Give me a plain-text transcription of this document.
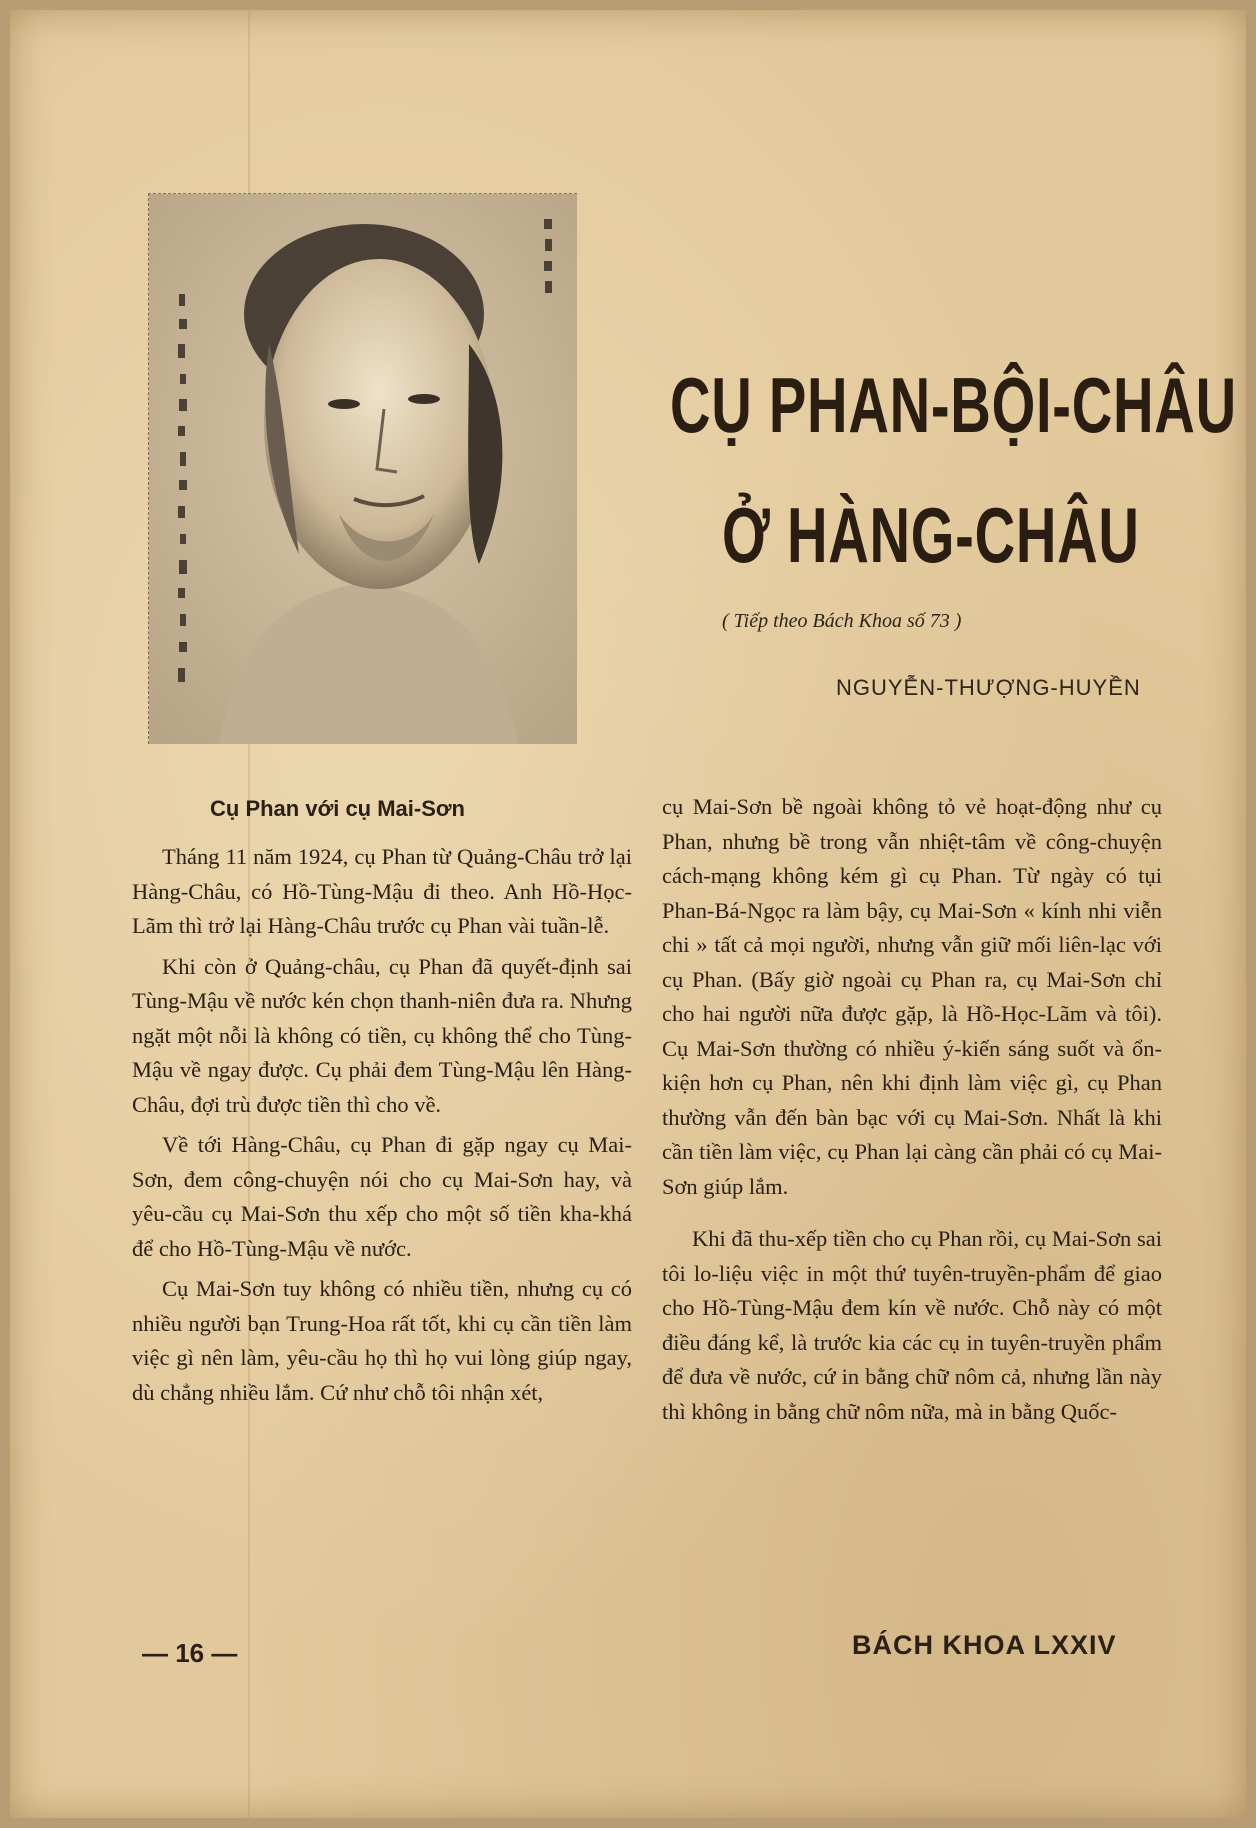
CỤ PHAN-BỘI-CHÂU
Ở HÀNG-CHÂU
( Tiếp theo Bách Khoa số 73 )
NGUYỄN-THƯỢNG-HUYỀN
Cụ Phan với cụ Mai-Sơn

Tháng 11 năm 1924, cụ Phan từ Quảng-Châu trở lại Hàng-Châu, có Hồ-Tùng-Mậu đi theo. Anh Hồ-Học-Lãm thì trở lại Hàng-Châu trước cụ Phan vài tuần-lễ.

Khi còn ở Quảng-châu, cụ Phan đã quyết-định sai Tùng-Mậu về nước kén chọn thanh-niên đưa ra. Nhưng ngặt một nỗi là không có tiền, cụ không thể cho Tùng-Mậu về ngay được. Cụ phải đem Tùng-Mậu lên Hàng-Châu, đợi trù được tiền thì cho về.

Về tới Hàng-Châu, cụ Phan đi gặp ngay cụ Mai-Sơn, đem công-chuyện nói cho cụ Mai-Sơn hay, và yêu-cầu cụ Mai-Sơn thu xếp cho một số tiền kha-khá để cho Hồ-Tùng-Mậu về nước.

Cụ Mai-Sơn tuy không có nhiều tiền, nhưng cụ có nhiều người bạn Trung-Hoa rất tốt, khi cụ cần tiền làm việc gì nên làm, yêu-cầu họ thì họ vui lòng giúp ngay, dù chẳng nhiều lắm. Cứ như chỗ tôi nhận xét,

cụ Mai-Sơn bề ngoài không tỏ vẻ hoạt-động như cụ Phan, nhưng bề trong vẫn nhiệt-tâm về công-chuyện cách-mạng không kém gì cụ Phan. Từ ngày có tụi Phan-Bá-Ngọc ra làm bậy, cụ Mai-Sơn « kính nhi viễn chi » tất cả mọi người, nhưng vẫn giữ mối liên-lạc với cụ Phan. (Bấy giờ ngoài cụ Phan ra, cụ Mai-Sơn chỉ cho hai người nữa được gặp, là Hồ-Học-Lãm và tôi). Cụ Mai-Sơn thường có nhiều ý-kiến sáng suốt và ổn-kiện hơn cụ Phan, nên khi định làm việc gì, cụ Phan thường vẫn đến bàn bạc với cụ Mai-Sơn. Nhất là khi cần tiền làm việc, cụ Phan lại càng cần phải có cụ Mai-Sơn giúp lắm.

Khi đã thu-xếp tiền cho cụ Phan rồi, cụ Mai-Sơn sai tôi lo-liệu việc in một thứ tuyên-truyền-phẩm để giao cho Hồ-Tùng-Mậu đem kín về nước. Chỗ này có một điều đáng kể, là trước kia các cụ in tuyên-truyền phẩm để đưa về nước, cứ in bằng chữ nôm cả, nhưng lần này thì không in bằng chữ nôm nữa, mà in bằng Quốc-

— 16 —	BÁCH KHOA LXXIV
